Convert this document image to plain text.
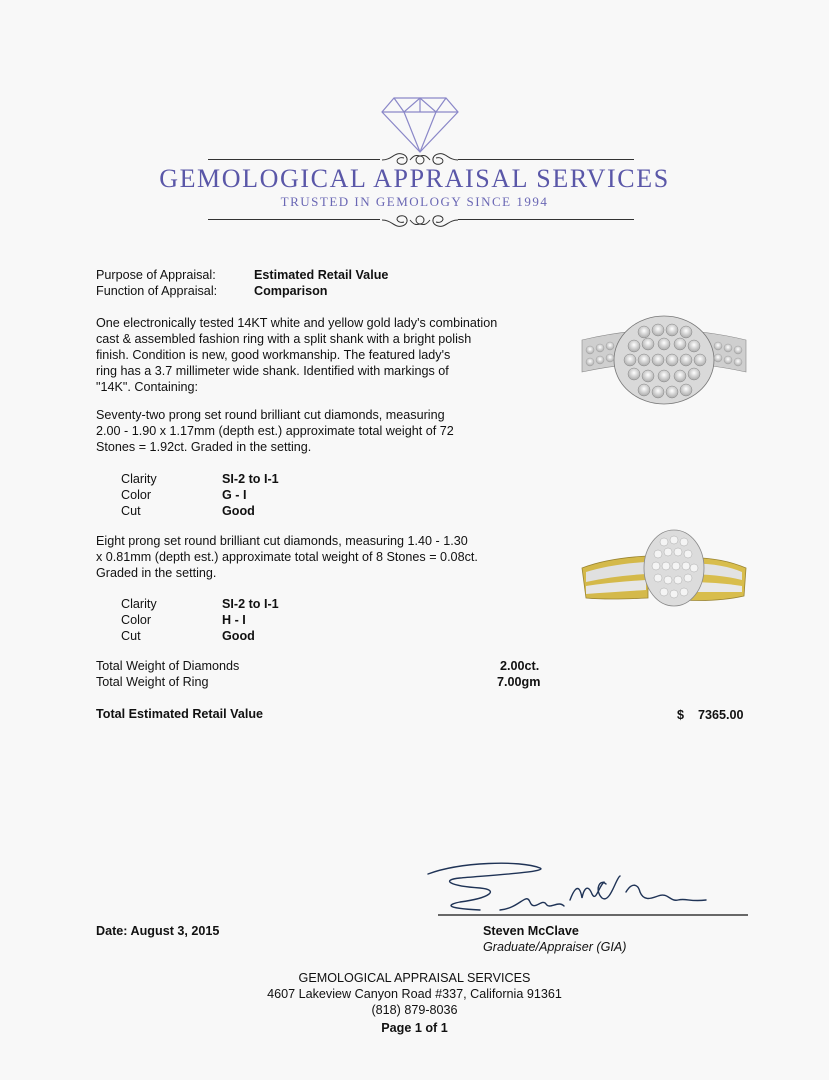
GEMOLOGICAL APPRAISAL SERVICES
TRUSTED IN GEMOLOGY SINCE 1994
Purpose of Appraisal:	Estimated Retail Value
Function of Appraisal:	Comparison
One electronically tested 14KT white and yellow gold lady's combination
cast & assembled fashion ring with a split shank with a bright polish
finish. Condition is new, good workmanship. The featured lady's
ring has a 3.7 millimeter wide shank. Identified with markings of
"14K". Containing:
Seventy-two prong set round brilliant cut diamonds, measuring
2.00 - 1.90 x 1.17mm (depth est.) approximate total weight of 72
Stones = 1.92ct. Graded in the setting.
Clarity	SI-2 to I-1
Color	G - I
Cut	Good
Eight prong set round brilliant cut diamonds, measuring 1.40 - 1.30
x 0.81mm (depth est.) approximate total weight of 8 Stones = 0.08ct.
Graded in the setting.
Clarity	SI-2 to I-1
Color	H - I
Cut	Good
Total Weight of Diamonds	2.00ct.
Total Weight of Ring	7.00gm
Total Estimated Retail Value	$ 7365.00
Date: August 3, 2015	Steven McClave
Graduate/Appraiser (GIA)
GEMOLOGICAL APPRAISAL SERVICES
4607 Lakeview Canyon Road #337, California 91361
(818) 879-8036
Page 1 of 1
